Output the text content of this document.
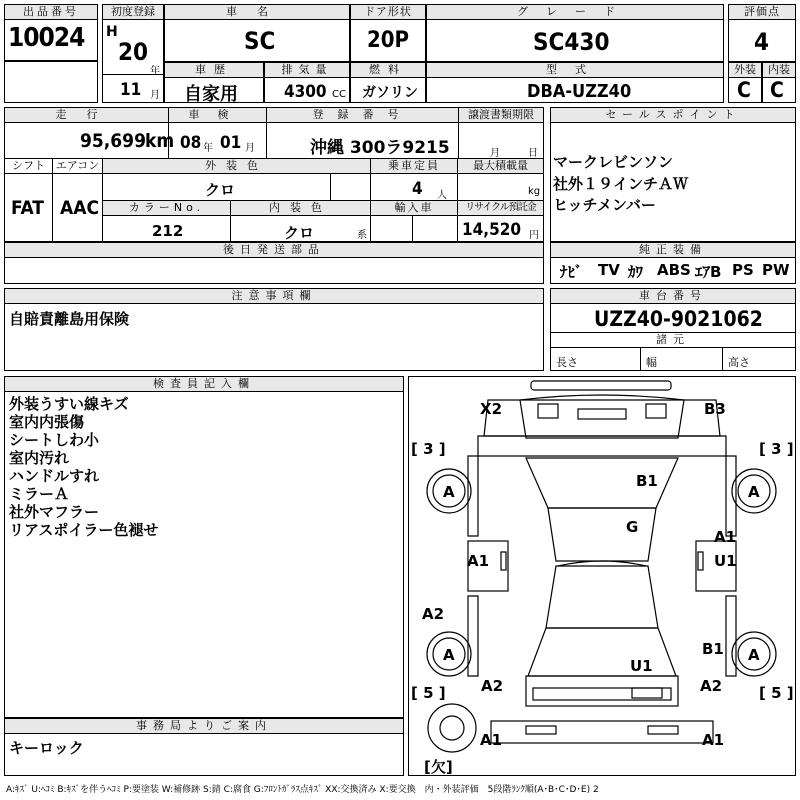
出品番号
10024
初度登録
H
20
年
11 月
車名
SC
ドア形状
20P
グレード
SC430
評価点
4
車歴
自家用
排気量
4300 CC
燃料
ガソリン
型式
DBA-UZZ40
外装
C
内装
C
走行
95,699 km
車検
08 年 01 月
登録番号
沖縄 300ラ9215
譲渡書類期限
月	日
シフト
FAT
エアコン
AAC
外装色
クロ
乗車定員
4 人
最大積載量
kg
カラーNo.
212
内装色
クロ	系
輸入車	リサイクル預託金
14,520 円
セールスポイント
マークレビンソン
社外１９インチＡＷ
ヒッチメンバー
後日発送部品	純正装備
ﾅﾋﾞ TV ｶﾜ ABS ｴｱB PS PW
注意事項欄
自賠責離島用保険
車台番号
UZZ40-9021062
諸元
長さ	幅	高さ
検査員記入欄
外装うすい線キズ
室内内張傷
シートしわ小
室内汚れ
ハンドルすれ
ミラーＡ
社外マフラー
リアスポイラー色褪せ
事務局よりご案内
キーロック
X2	B3
[ 3 ]	[ 3 ]
A	A
B1
G
A1
A1
U1
A2
B1
A	A
U1
[ 5 ]	[ 5 ]
A2	A2
A1	A1
[欠]
A:ｷｽﾞ U:ﾍｺﾐ B:ｷｽﾞを伴うﾍｺﾐ P:要塗装 W:補修跡 S:錆 C:腐食 G:ﾌﾛﾝﾄｶﾞﾗｽ点ｷｽﾞ XX:交換済み X:要交換　内・外装評価　5段階ﾗﾝｸ順(A･B･C･D･E) 2
